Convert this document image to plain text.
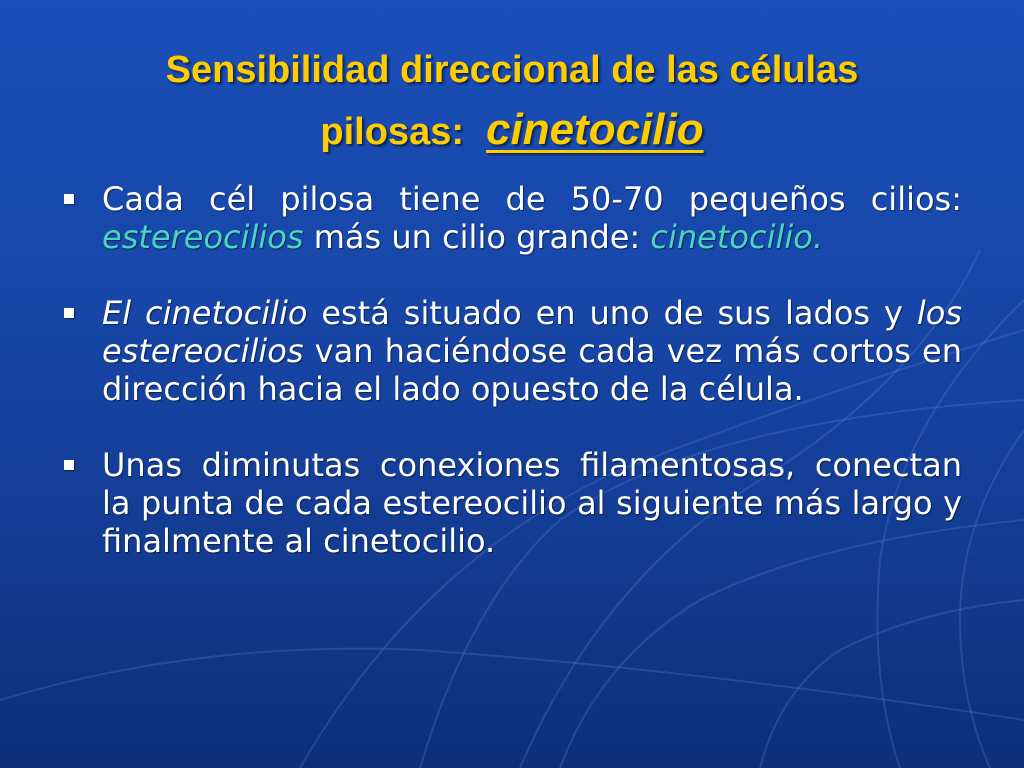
Sensibilidad direccional de las células
pilosas: cinetocilio
Cada cél pilosa tiene de 50-70 pequeños cilios: estereocilios más un cilio grande: cinetocilio.
El cinetocilio está situado en uno de sus lados y los estereocilios van haciéndose cada vez más cortos en dirección hacia el lado opuesto de la célula.
Unas diminutas conexiones filamentosas, conectan la punta de cada estereocilio al siguiente más largo y finalmente al cinetocilio.
